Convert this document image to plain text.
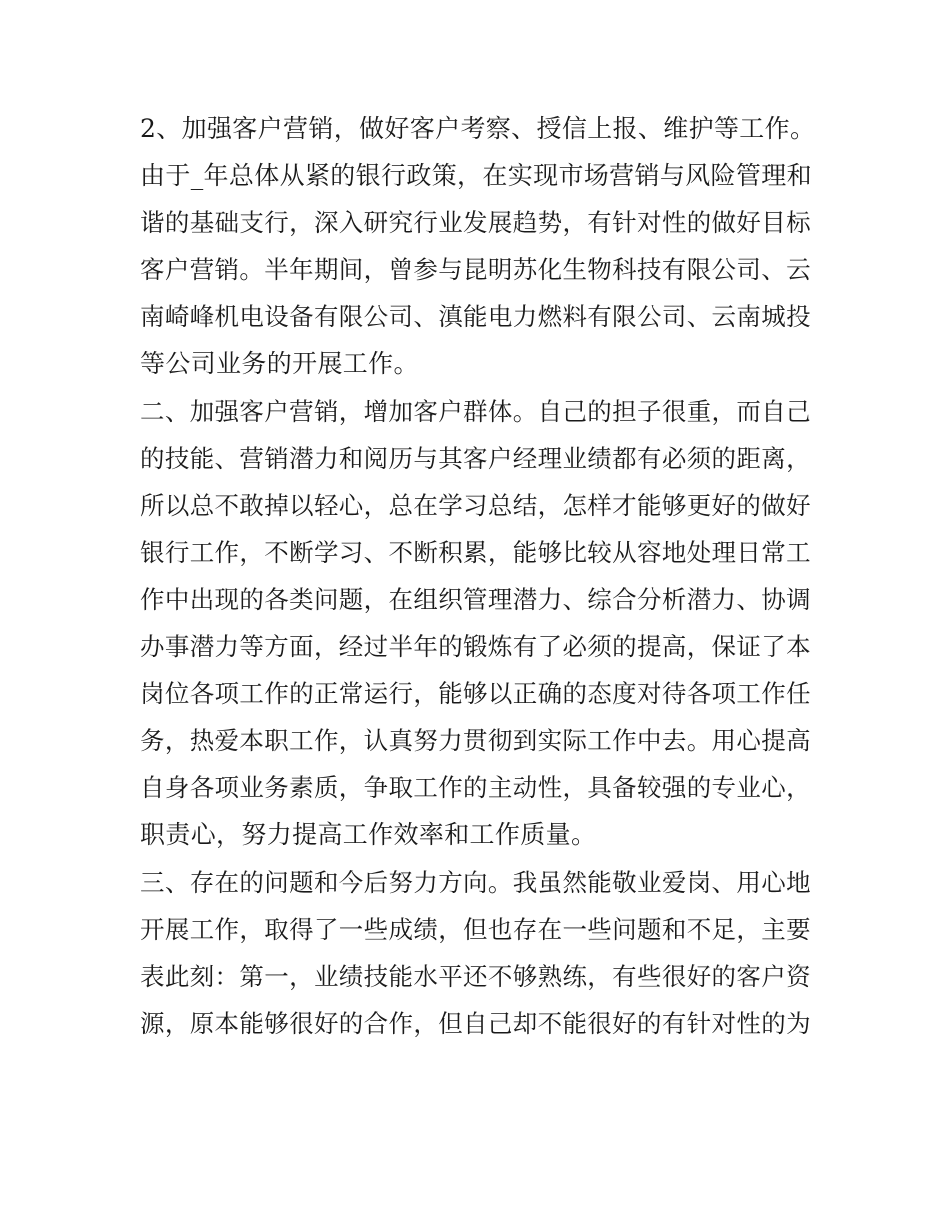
2、加强客户营销，做好客户考察、授信上报、维护等工作。
由于_年总体从紧的银行政策，在实现市场营销与风险管理和
谐的基础支行，深入研究行业发展趋势，有针对性的做好目标
客户营销。半年期间，曾参与昆明苏化生物科技有限公司、云
南崎峰机电设备有限公司、滇能电力燃料有限公司、云南城投
等公司业务的开展工作。
二、加强客户营销，增加客户群体。自己的担子很重，而自己
的技能、营销潜力和阅历与其客户经理业绩都有必须的距离，
所以总不敢掉以轻心，总在学习总结，怎样才能够更好的做好
银行工作，不断学习、不断积累，能够比较从容地处理日常工
作中出现的各类问题，在组织管理潜力、综合分析潜力、协调
办事潜力等方面，经过半年的锻炼有了必须的提高，保证了本
岗位各项工作的正常运行，能够以正确的态度对待各项工作任
务，热爱本职工作，认真努力贯彻到实际工作中去。用心提高
自身各项业务素质，争取工作的主动性，具备较强的专业心，
职责心，努力提高工作效率和工作质量。
三、存在的问题和今后努力方向。我虽然能敬业爱岗、用心地
开展工作，取得了一些成绩，但也存在一些问题和不足，主要
表此刻：第一，业绩技能水平还不够熟练，有些很好的客户资
源，原本能够很好的合作，但自己却不能很好的有针对性的为
